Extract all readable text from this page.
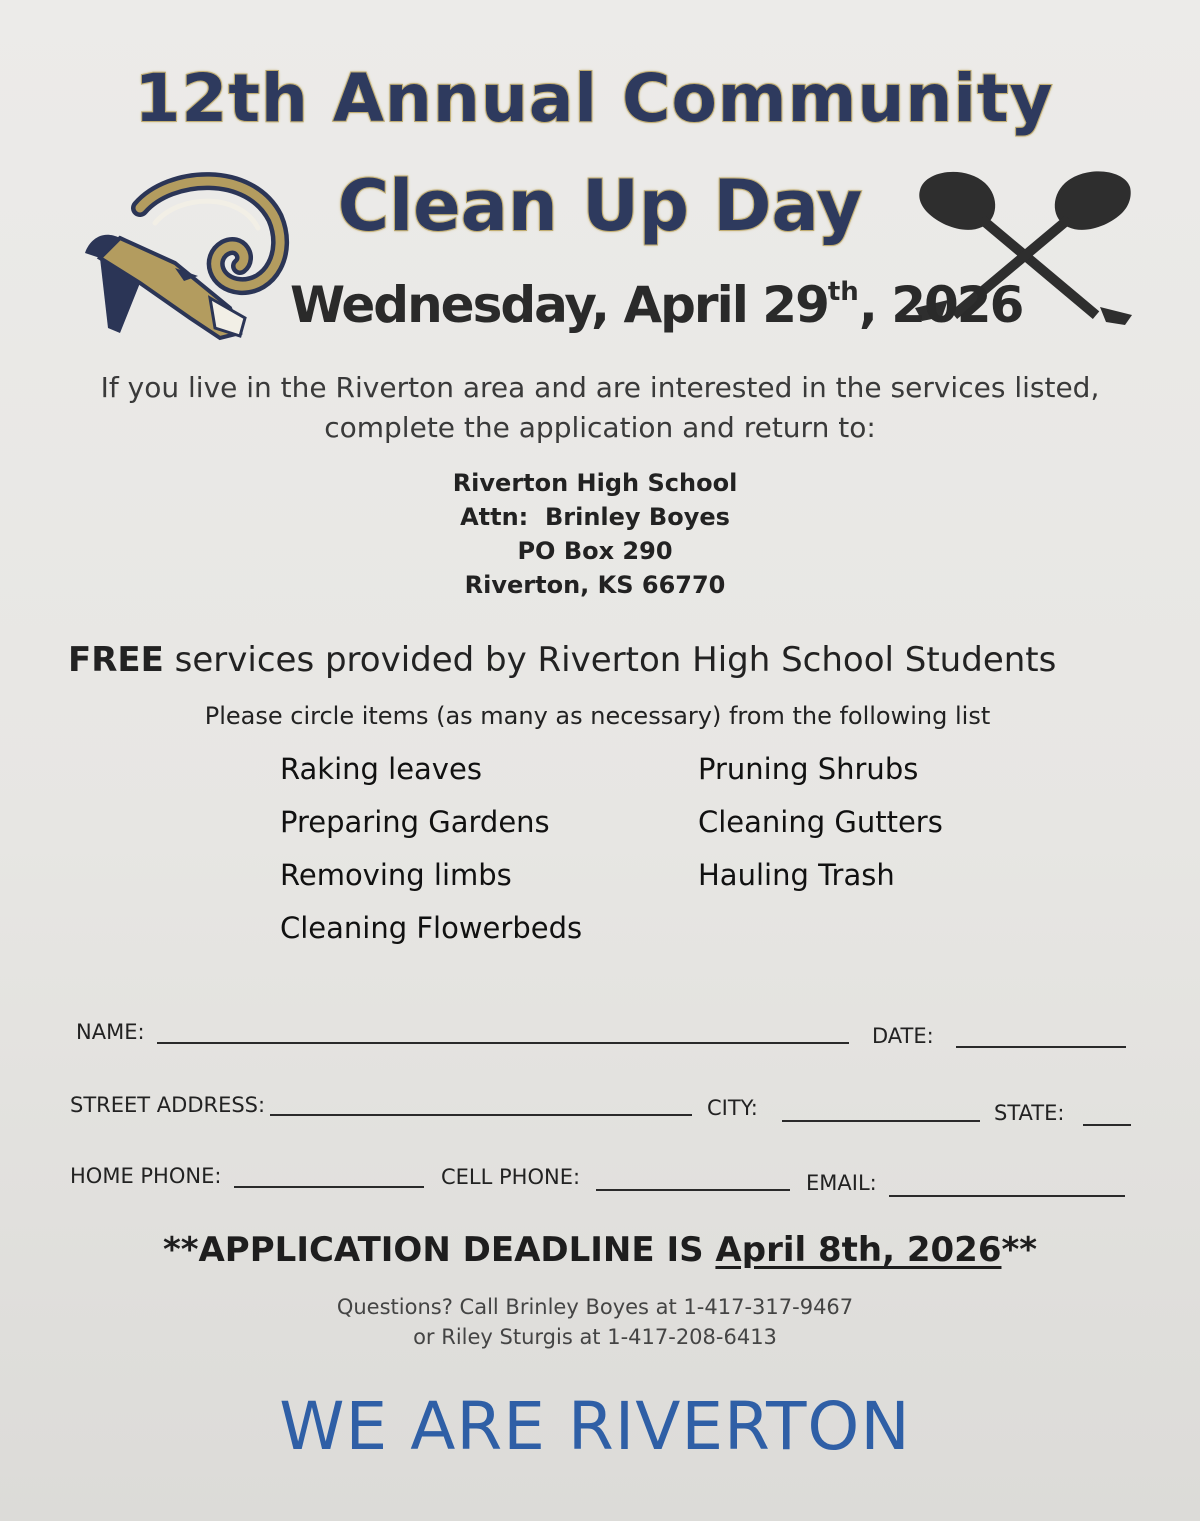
12th Annual Community
Clean Up Day
Wednesday, April 29th, 2026
If you live in the Riverton area and are interested in the services listed,
complete the application and return to:
Riverton High School
Attn:  Brinley Boyes
PO Box 290
Riverton, KS 66770
FREE services provided by Riverton High School Students
Please circle items (as many as necessary) from the following list
Raking leaves
Preparing Gardens
Removing limbs
Cleaning Flowerbeds
Pruning Shrubs
Cleaning Gutters
Hauling Trash
NAME:	DATE:
STREET ADDRESS:	CITY:	STATE:
HOME PHONE:	CELL PHONE:	EMAIL:
**APPLICATION DEADLINE IS April 8th, 2026**
Questions? Call Brinley Boyes at 1-417-317-9467
or Riley Sturgis at 1-417-208-6413
WE ARE RIVERTON
